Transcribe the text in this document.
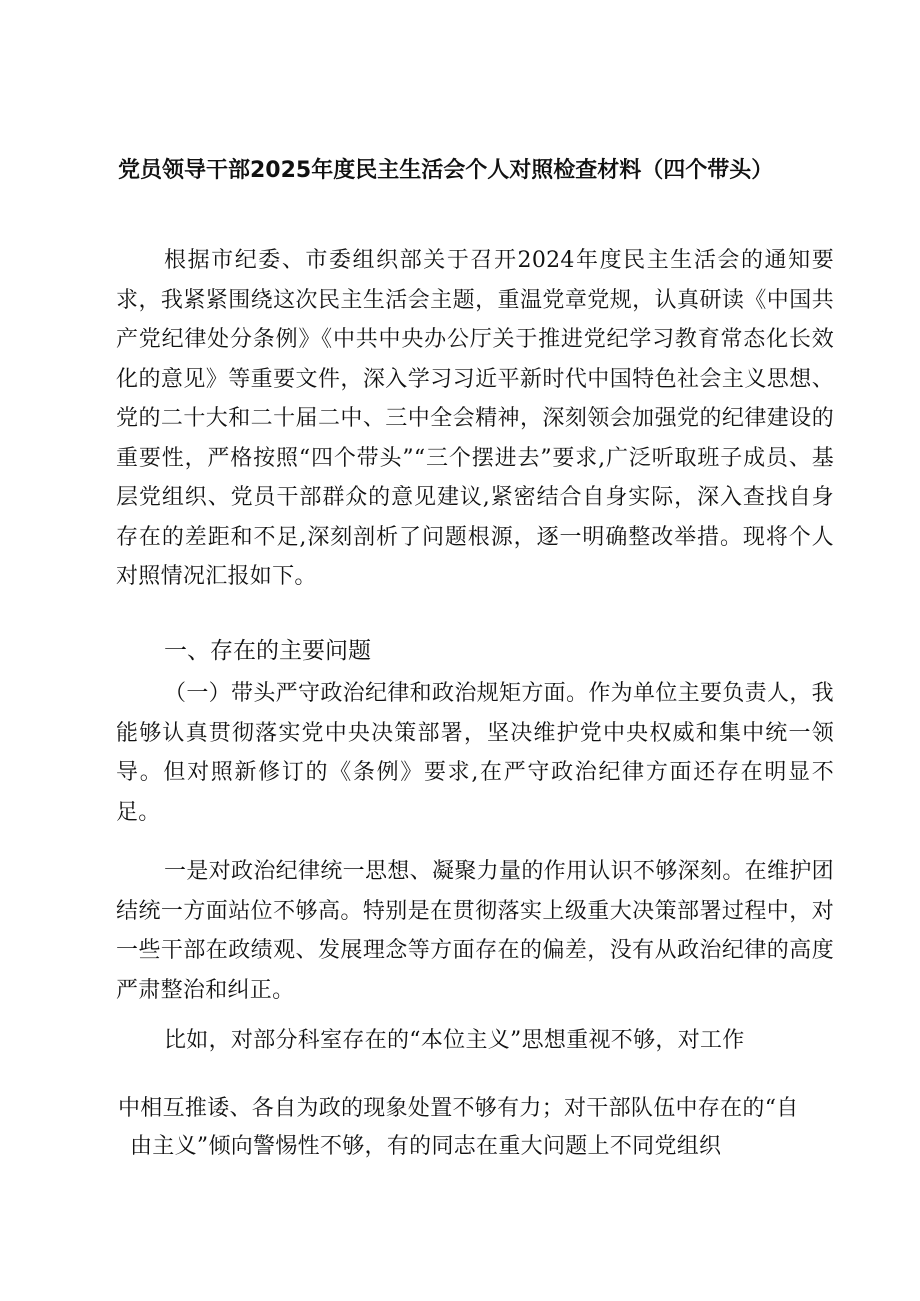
党员领导干部2025年度民主生活会个人对照检查材料（四个带头）

根据市纪委、市委组织部关于召开2024年度民主生活会的通知要求，我紧紧围绕这次民主生活会主题，重温党章党规，认真研读《中国共产党纪律处分条例》《中共中央办公厅关于推进党纪学习教育常态化长效化的意见》等重要文件，深入学习习近平新时代中国特色社会主义思想、党的二十大和二十届二中、三中全会精神，深刻领会加强党的纪律建设的重要性，严格按照“四个带头”“三个摆进去”要求,广泛听取班子成员、基层党组织、党员干部群众的意见建议,紧密结合自身实际，深入查找自身存在的差距和不足,深刻剖析了问题根源，逐一明确整改举措。现将个人对照情况汇报如下。

一、存在的主要问题

（一）带头严守政治纪律和政治规矩方面。作为单位主要负责人，我能够认真贯彻落实党中央决策部署，坚决维护党中央权威和集中统一领导。但对照新修订的《条例》要求,在严守政治纪律方面还存在明显不足。

一是对政治纪律统一思想、凝聚力量的作用认识不够深刻。在维护团结统一方面站位不够高。特别是在贯彻落实上级重大决策部署过程中，对一些干部在政绩观、发展理念等方面存在的偏差，没有从政治纪律的高度严肃整治和纠正。

比如，对部分科室存在的“本位主义”思想重视不够，对工作
中相互推诿、各自为政的现象处置不够有力；对干部队伍中存在的“自
由主义”倾向警惕性不够，有的同志在重大问题上不同党组织
